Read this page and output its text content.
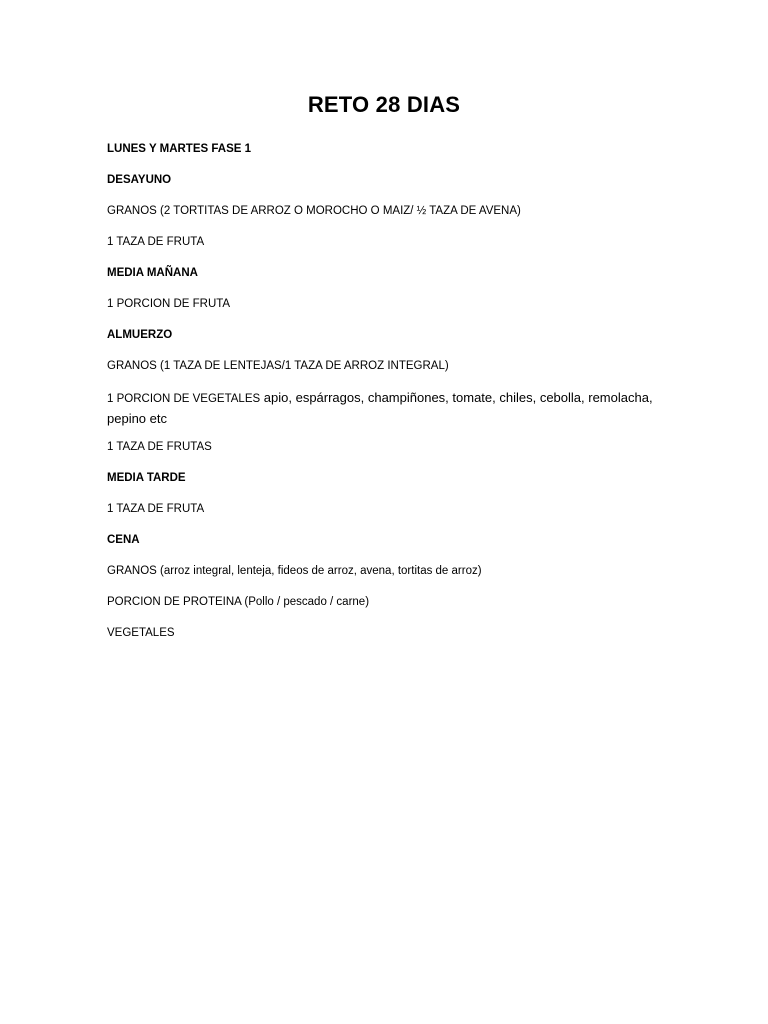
RETO 28 DIAS
LUNES Y MARTES FASE 1
DESAYUNO
GRANOS (2 TORTITAS DE ARROZ O MOROCHO O MAIZ/ ½ TAZA DE AVENA)
1 TAZA DE FRUTA
MEDIA MAÑANA
1 PORCION DE FRUTA
ALMUERZO
GRANOS (1 TAZA DE LENTEJAS/1 TAZA DE ARROZ INTEGRAL)
1 PORCION DE VEGETALES apio, espárragos, champiñones, tomate, chiles, cebolla, remolacha, pepino etc
1 TAZA DE FRUTAS
MEDIA TARDE
1 TAZA DE FRUTA
CENA
GRANOS (arroz integral, lenteja, fideos de arroz, avena, tortitas de arroz)
PORCION DE PROTEINA (Pollo / pescado / carne)
VEGETALES
